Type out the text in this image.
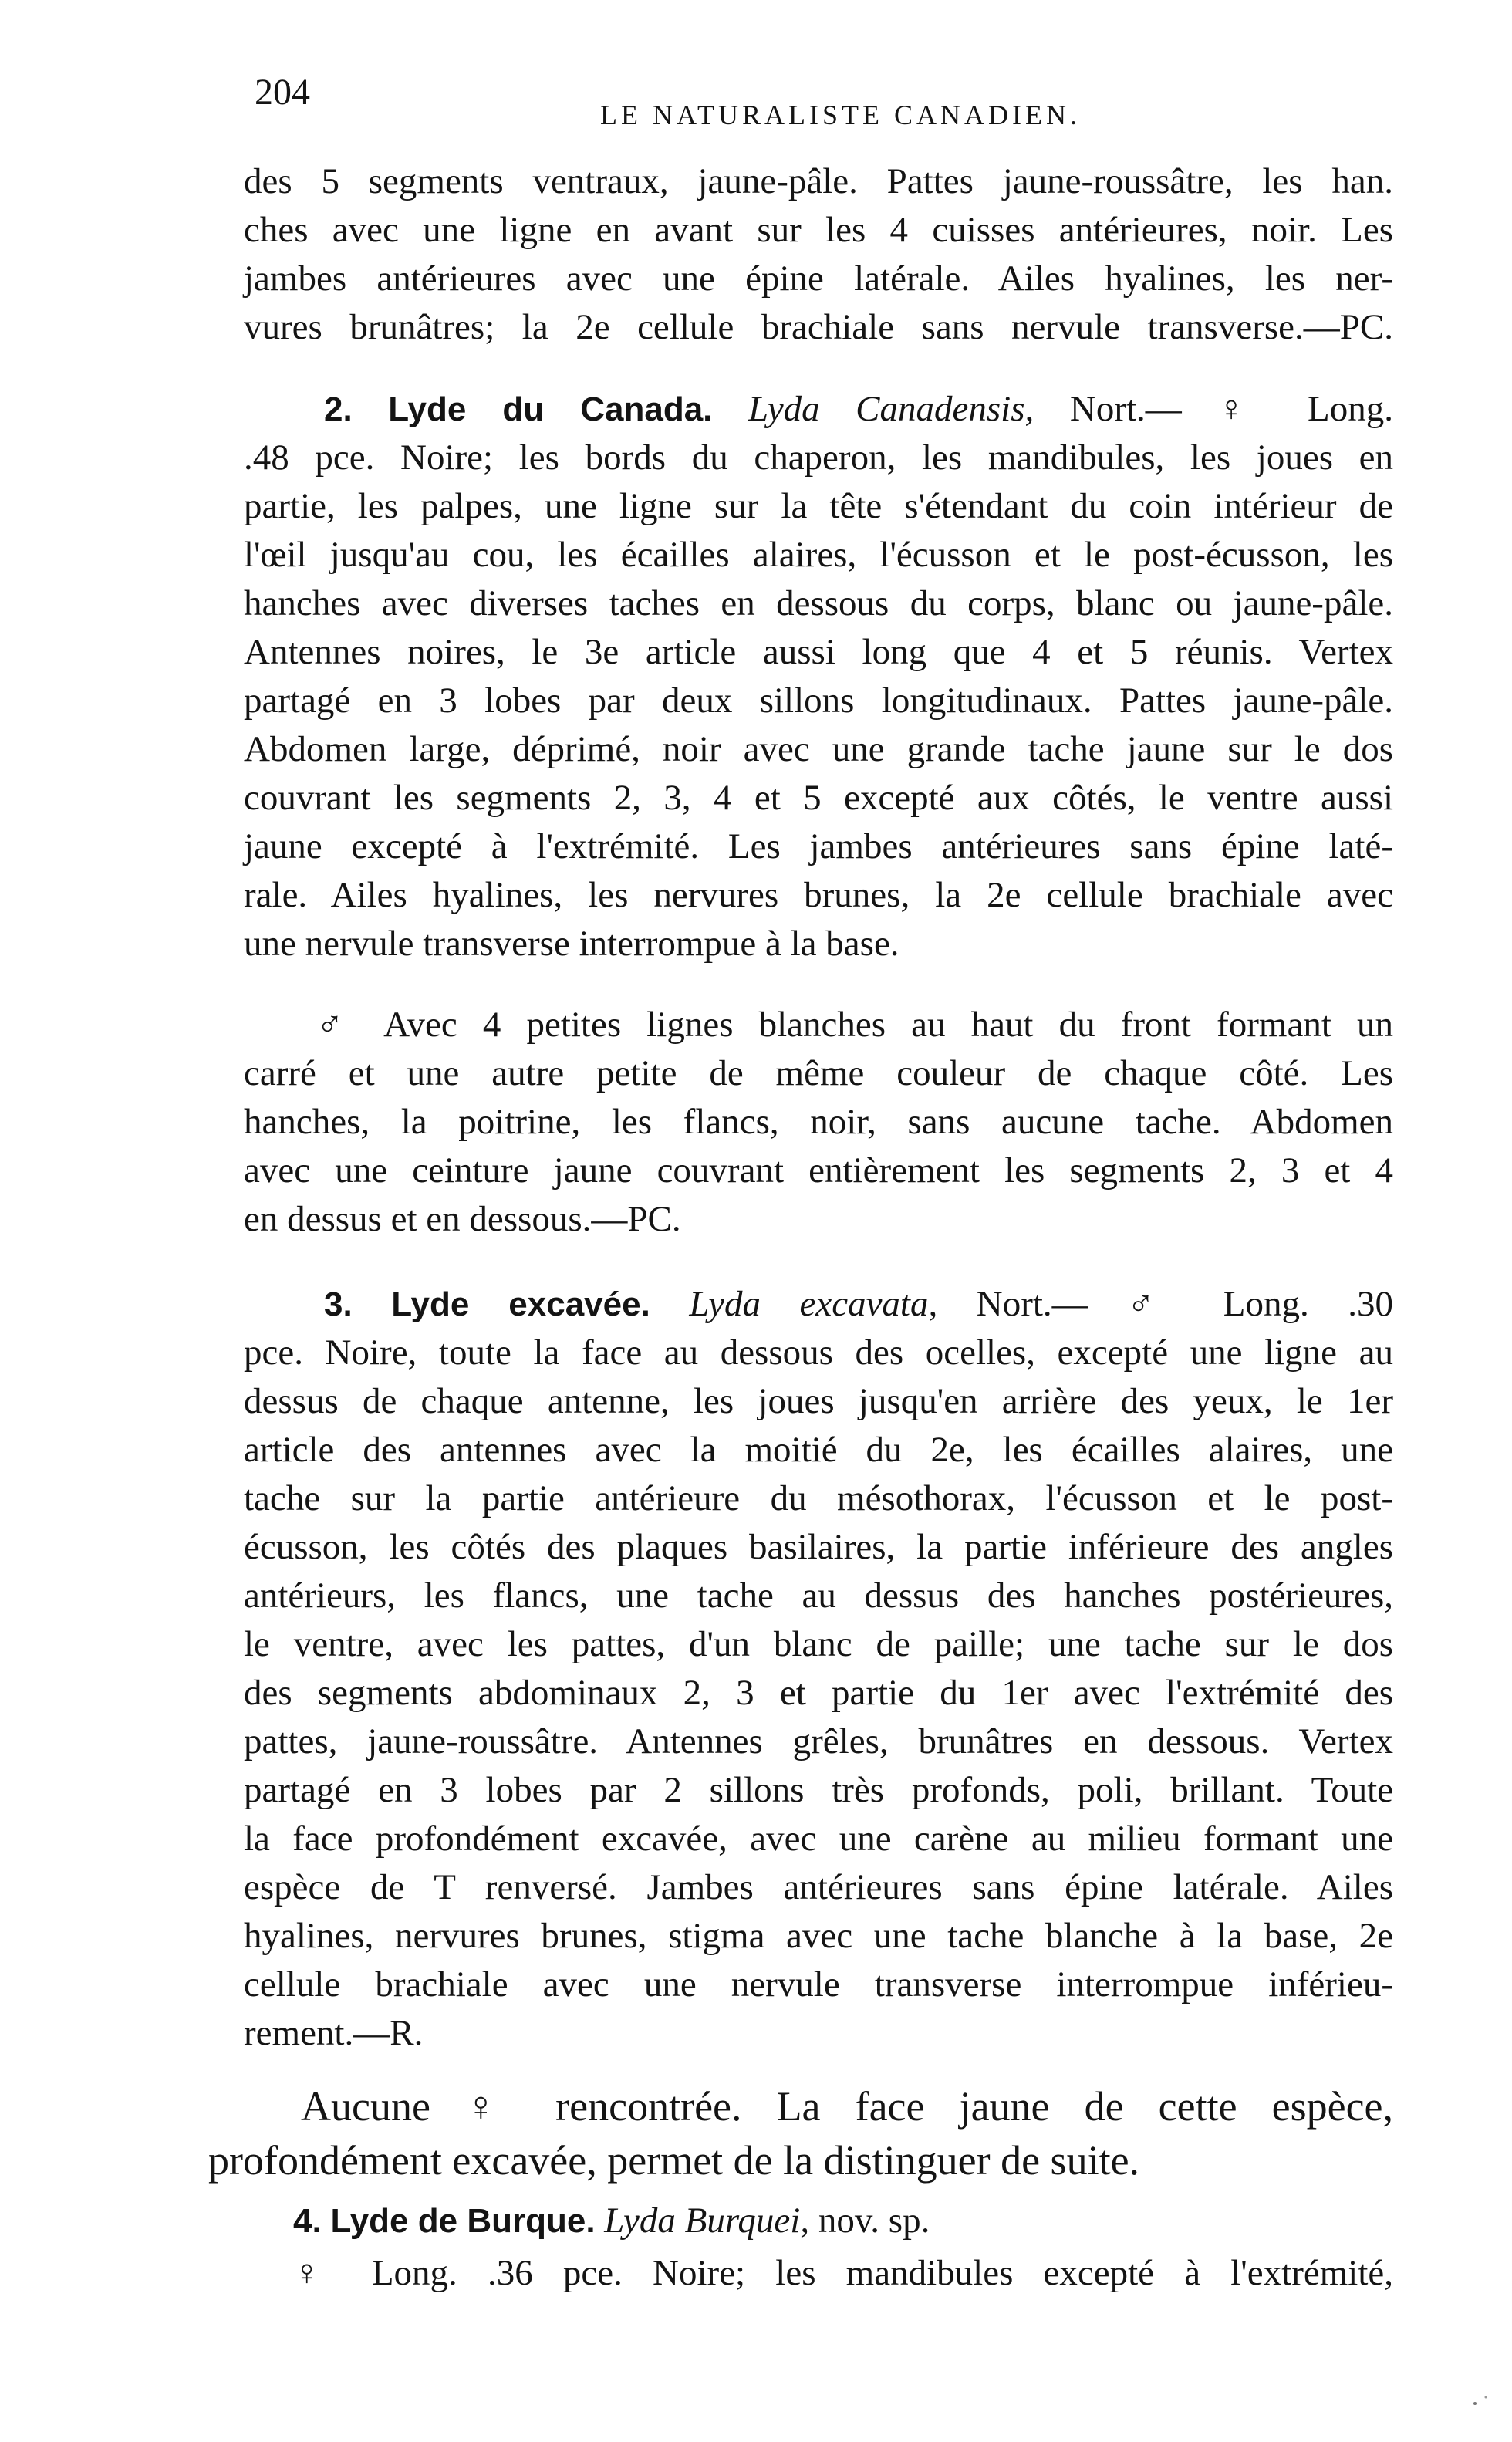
204
LE NATURALISTE CANADIEN.
des 5 segments ventraux, jaune-pâle. Pattes jaune-roussâtre, les han.
ches avec une ligne en avant sur les 4 cuisses antérieures, noir. Les
jambes antérieures avec une épine latérale. Ailes hyalines, les ner-
vures brunâtres; la 2e cellule brachiale sans nervule transverse.—PC.
2. Lyde du Canada. Lyda Canadensis, Nort.— ♀ Long.
.48 pce. Noire; les bords du chaperon, les mandibules, les joues en
partie, les palpes, une ligne sur la tête s'étendant du coin intérieur de
l'œil jusqu'au cou, les écailles alaires, l'écusson et le post-écusson, les
hanches avec diverses taches en dessous du corps, blanc ou jaune-pâle.
Antennes noires, le 3e article aussi long que 4 et 5 réunis. Vertex
partagé en 3 lobes par deux sillons longitudinaux. Pattes jaune-pâle.
Abdomen large, déprimé, noir avec une grande tache jaune sur le dos
couvrant les segments 2, 3, 4 et 5 excepté aux côtés, le ventre aussi
jaune excepté à l'extrémité. Les jambes antérieures sans épine laté-
rale. Ailes hyalines, les nervures brunes, la 2e cellule brachiale avec
une nervule transverse interrompue à la base.
♂ Avec 4 petites lignes blanches au haut du front formant un
carré et une autre petite de même couleur de chaque côté. Les
hanches, la poitrine, les flancs, noir, sans aucune tache. Abdomen
avec une ceinture jaune couvrant entièrement les segments 2, 3 et 4
en dessus et en dessous.—PC.
3. Lyde excavée. Lyda excavata, Nort.— ♂ Long. .30
pce. Noire, toute la face au dessous des ocelles, excepté une ligne au
dessus de chaque antenne, les joues jusqu'en arrière des yeux, le 1er
article des antennes avec la moitié du 2e, les écailles alaires, une
tache sur la partie antérieure du mésothorax, l'écusson et le post-
écusson, les côtés des plaques basilaires, la partie inférieure des angles
antérieurs, les flancs, une tache au dessus des hanches postérieures,
le ventre, avec les pattes, d'un blanc de paille; une tache sur le dos
des segments abdominaux 2, 3 et partie du 1er avec l'extrémité des
pattes, jaune-roussâtre. Antennes grêles, brunâtres en dessous. Vertex
partagé en 3 lobes par 2 sillons très profonds, poli, brillant. Toute
la face profondément excavée, avec une carène au milieu formant une
espèce de T renversé. Jambes antérieures sans épine latérale. Ailes
hyalines, nervures brunes, stigma avec une tache blanche à la base, 2e
cellule brachiale avec une nervule transverse interrompue inférieu-
rement.—R.
Aucune ♀ rencontrée. La face jaune de cette espèce,
profondément excavée, permet de la distinguer de suite.
4. Lyde de Burque. Lyda Burquei, nov. sp.
♀ Long. .36 pce. Noire; les mandibules excepté à l'extrémité,
